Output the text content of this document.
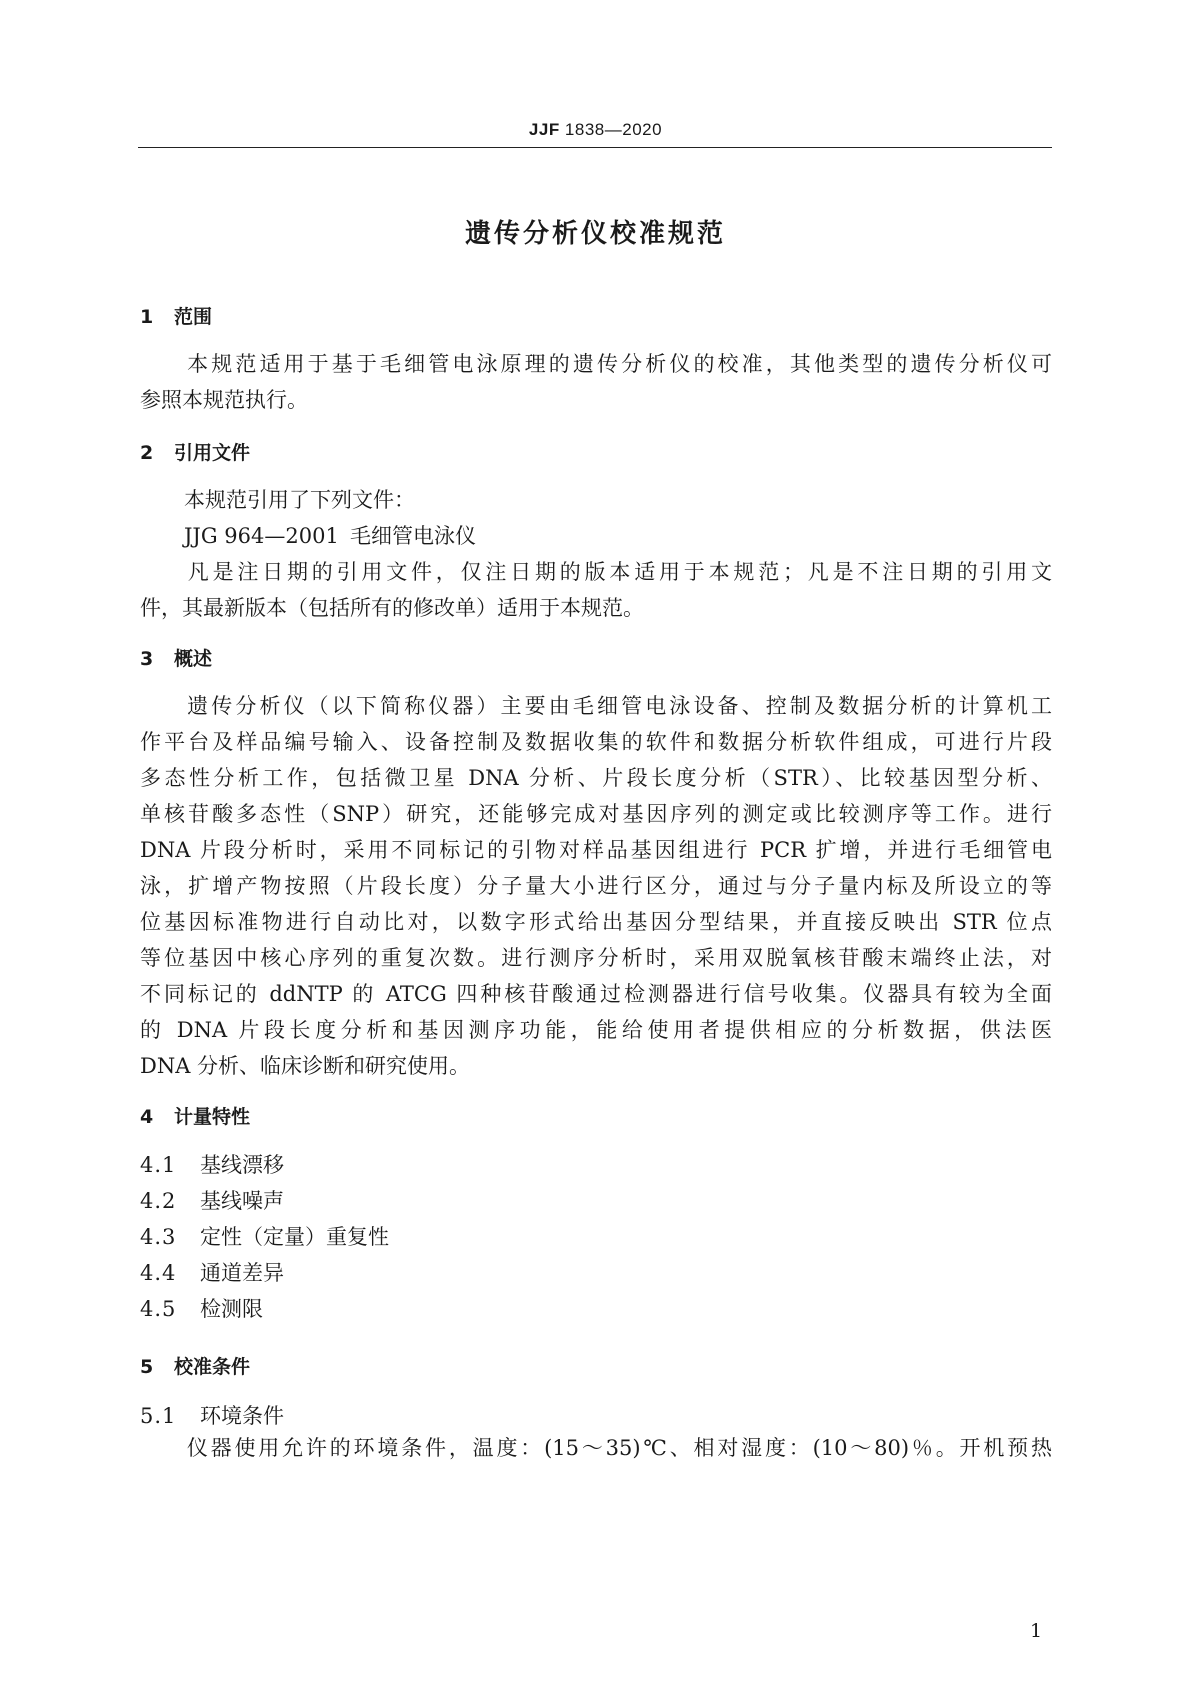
JJF 1838—2020
遗传分析仪校准规范
1 范围
本规范适用于基于毛细管电泳原理的遗传分析仪的校准，其他类型的遗传分析仪可
参照本规范执行。
2 引用文件
本规范引用了下列文件：
JJG 964—2001 毛细管电泳仪
凡是注日期的引用文件，仅注日期的版本适用于本规范；凡是不注日期的引用文
件，其最新版本（包括所有的修改单）适用于本规范。
3 概述
遗传分析仪（以下简称仪器）主要由毛细管电泳设备、控制及数据分析的计算机工
作平台及样品编号输入、设备控制及数据收集的软件和数据分析软件组成，可进行片段
多态性分析工作，包括微卫星 DNA 分析、片段长度分析（STR）、比较基因型分析、
单核苷酸多态性（SNP）研究，还能够完成对基因序列的测定或比较测序等工作。进行
DNA 片段分析时，采用不同标记的引物对样品基因组进行 PCR 扩增，并进行毛细管电
泳，扩增产物按照（片段长度）分子量大小进行区分，通过与分子量内标及所设立的等
位基因标准物进行自动比对，以数字形式给出基因分型结果，并直接反映出 STR 位点
等位基因中核心序列的重复次数。进行测序分析时，采用双脱氧核苷酸末端终止法，对
不同标记的 ddNTP 的 ATCG 四种核苷酸通过检测器进行信号收集。仪器具有较为全面
的 DNA 片段长度分析和基因测序功能，能给使用者提供相应的分析数据，供法医
DNA 分析、临床诊断和研究使用。
4 计量特性
4.1 基线漂移
4.2 基线噪声
4.3 定性（定量）重复性
4.4 通道差异
4.5 检测限
5 校准条件
5.1 环境条件
仪器使用允许的环境条件，温度：(15～35)℃、相对湿度：(10～80)％。开机预热
1
